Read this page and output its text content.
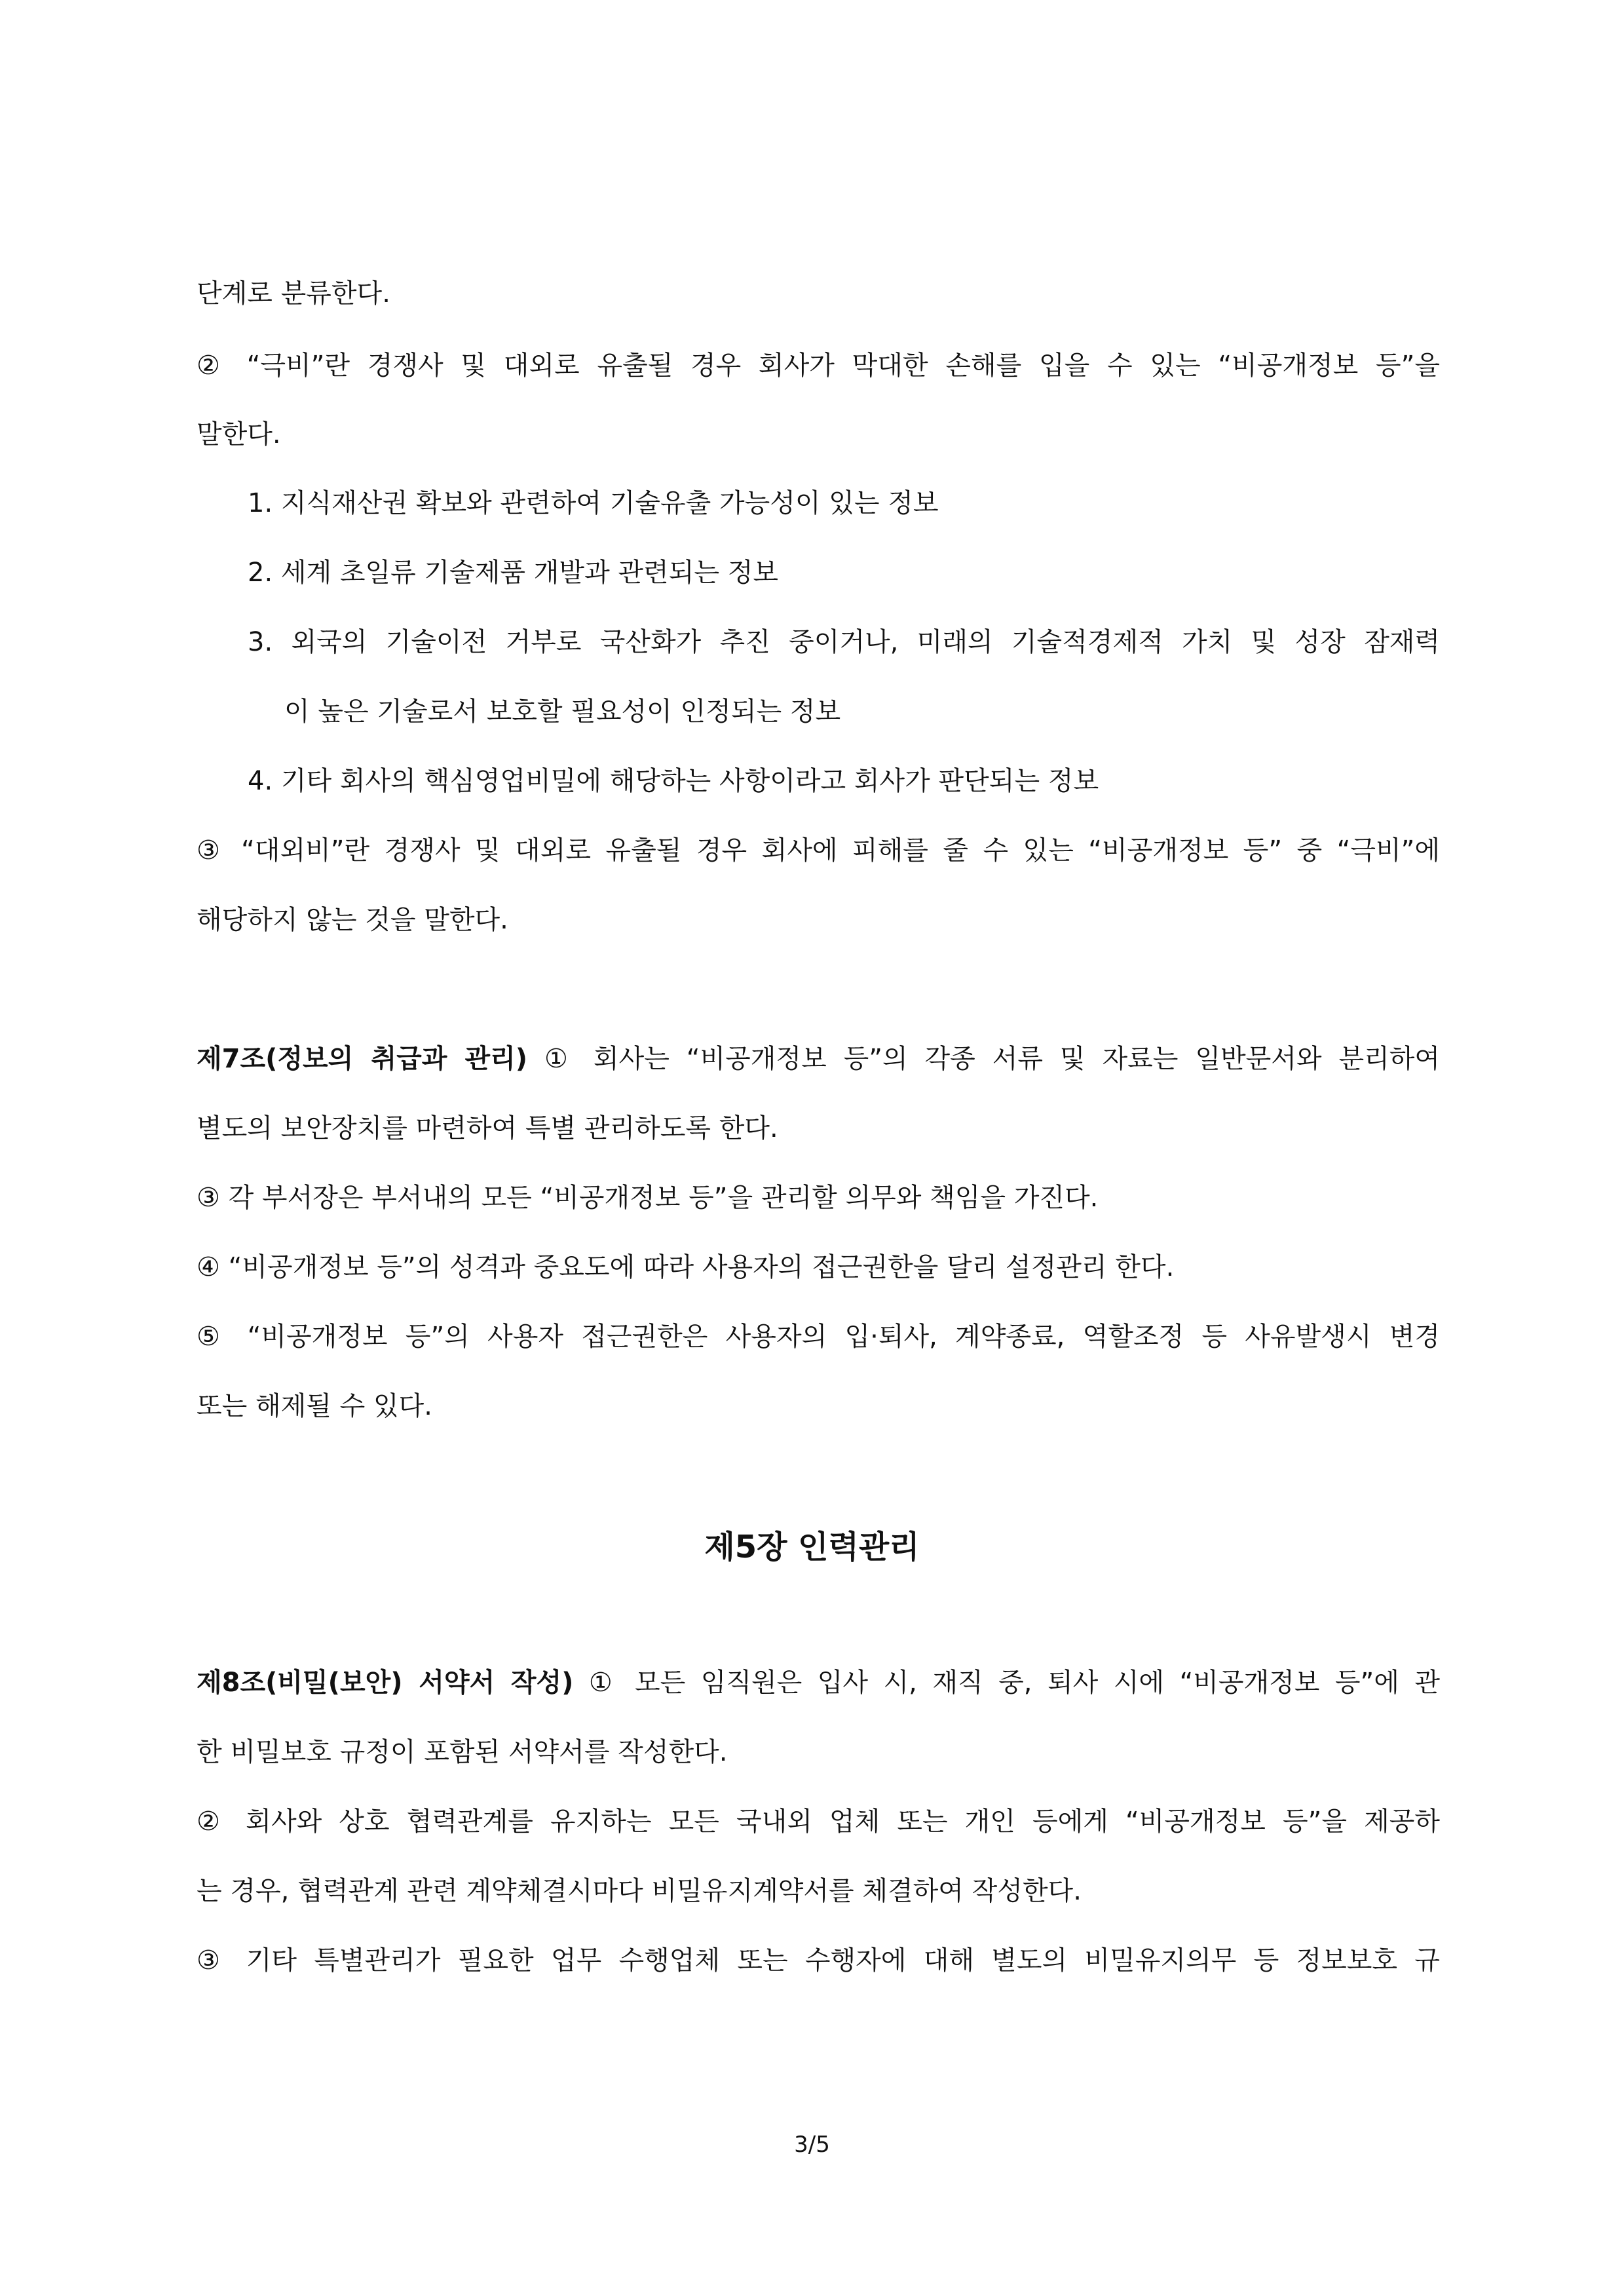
단계로 분류한다.
② “극비”란 경쟁사 및 대외로 유출될 경우 회사가 막대한 손해를 입을 수 있는 “비공개정보 등”을
말한다.
1. 지식재산권 확보와 관련하여 기술유출 가능성이 있는 정보
2. 세계 초일류 기술제품 개발과 관련되는 정보
3. 외국의 기술이전 거부로 국산화가 추진 중이거나, 미래의 기술적경제적 가치 및 성장 잠재력
이 높은 기술로서 보호할 필요성이 인정되는 정보
4. 기타 회사의 핵심영업비밀에 해당하는 사항이라고 회사가 판단되는 정보
③ “대외비”란 경쟁사 및 대외로 유출될 경우 회사에 피해를 줄 수 있는 “비공개정보 등” 중 “극비”에
해당하지 않는 것을 말한다.
제7조(정보의 취급과 관리) ① 회사는 “비공개정보 등”의 각종 서류 및 자료는 일반문서와 분리하여
별도의 보안장치를 마련하여 특별 관리하도록 한다.
③ 각 부서장은 부서내의 모든 “비공개정보 등”을 관리할 의무와 책임을 가진다.
④ “비공개정보 등”의 성격과 중요도에 따라 사용자의 접근권한을 달리 설정관리 한다.
⑤ “비공개정보 등”의 사용자 접근권한은 사용자의 입·퇴사, 계약종료, 역할조정 등 사유발생시 변경
또는 해제될 수 있다.
제5장 인력관리
제8조(비밀(보안) 서약서 작성) ① 모든 임직원은 입사 시, 재직 중, 퇴사 시에 “비공개정보 등”에 관
한 비밀보호 규정이 포함된 서약서를 작성한다.
② 회사와 상호 협력관계를 유지하는 모든 국내외 업체 또는 개인 등에게 “비공개정보 등”을 제공하
는 경우, 협력관계 관련 계약체결시마다 비밀유지계약서를 체결하여 작성한다.
③ 기타 특별관리가 필요한 업무 수행업체 또는 수행자에 대해 별도의 비밀유지의무 등 정보보호 규
3/5
